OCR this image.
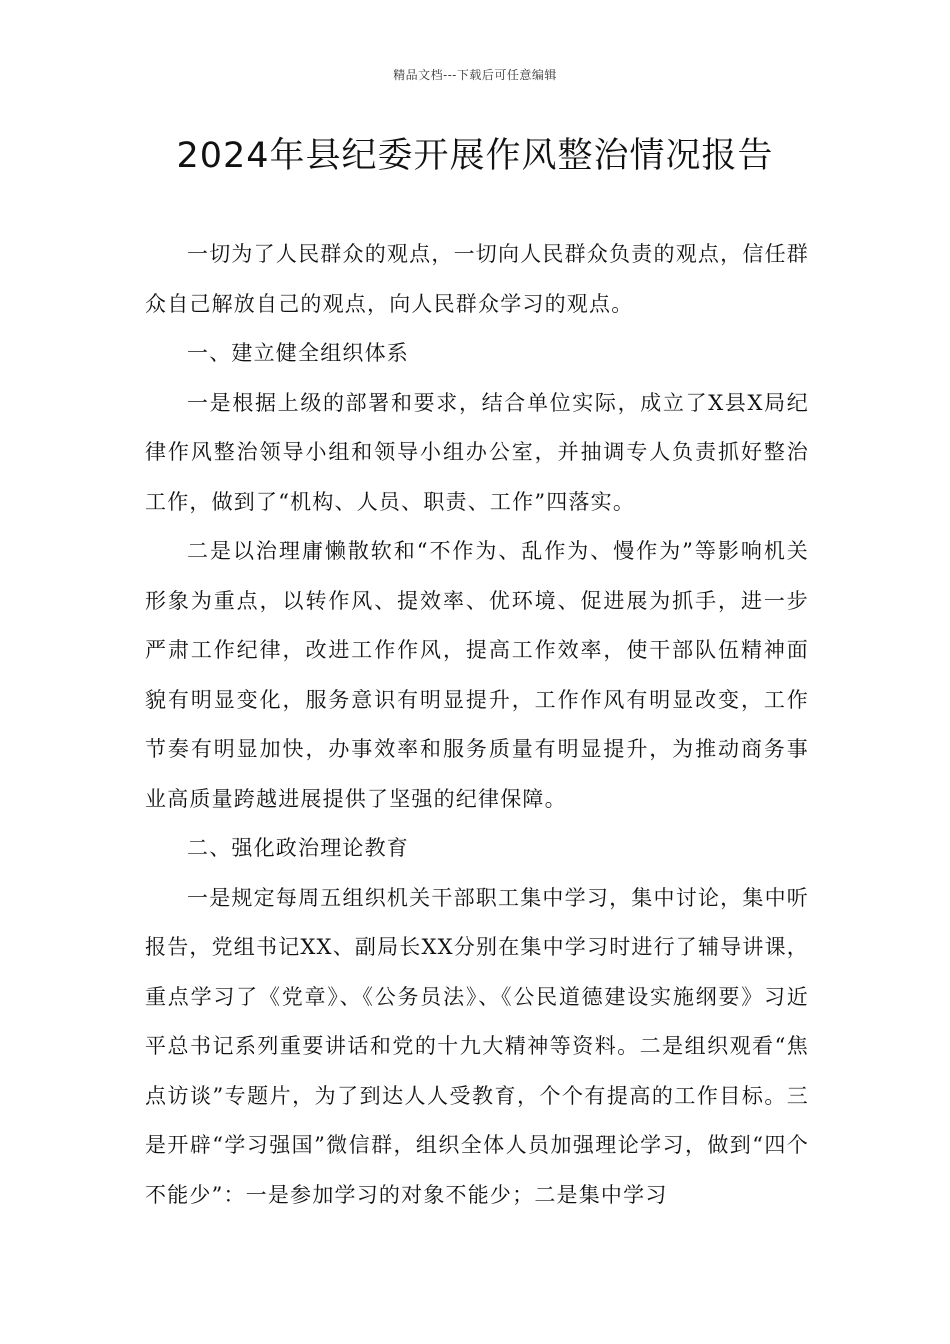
精品文档---下载后可任意编辑
2024年县纪委开展作风整治情况报告

一切为了人民群众的观点，一切向人民群众负责的观点，信任群众自己解放自己的观点，向人民群众学习的观点。

一、建立健全组织体系

一是根据上级的部署和要求，结合单位实际，成立了X县X局纪律作风整治领导小组和领导小组办公室，并抽调专人负责抓好整治工作，做到了“机构、人员、职责、工作”四落实。

二是以治理庸懒散软和“不作为、乱作为、慢作为”等影响机关形象为重点，以转作风、提效率、优环境、促进展为抓手，进一步严肃工作纪律，改进工作作风，提高工作效率，使干部队伍精神面貌有明显变化，服务意识有明显提升，工作作风有明显改变，工作节奏有明显加快，办事效率和服务质量有明显提升，为推动商务事业高质量跨越进展提供了坚强的纪律保障。

二、强化政治理论教育

一是规定每周五组织机关干部职工集中学习，集中讨论，集中听报告，党组书记XX、副局长XX分别在集中学习时进行了辅导讲课，重点学习了《党章》、《公务员法》、《公民道德建设实施纲要》习近平总书记系列重要讲话和党的十九大精神等资料。二是组织观看“焦点访谈”专题片，为了到达人人受教育，个个有提高的工作目标。三是开辟“学习强国”微信群，组织全体人员加强理论学习，做到“四个不能少”：一是参加学习的对象不能少；二是集中学习
